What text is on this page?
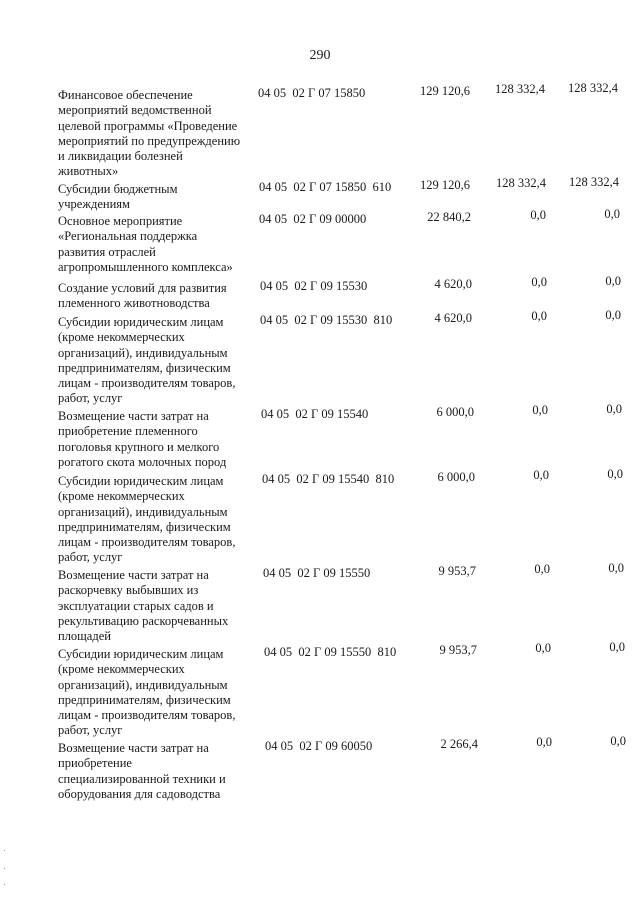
290
Финансовое обеспечение
мероприятий ведомственной
целевой программы «Проведение
мероприятий по предупреждению
и ликвидации болезней
животных»
04 05  02 Г 07 15850	129 120,6	128 332,4	128 332,4
Субсидии бюджетным
учреждениям
04 05  02 Г 07 15850  610	129 120,6	128 332,4	128 332,4
Основное мероприятие
«Региональная поддержка
развития отраслей
агропромышленного комплекса»
04 05  02 Г 09 00000	22 840,2	0,0	0,0
Создание условий для развития
племенного животноводства
04 05  02 Г 09 15530	4 620,0	0,0	0,0
Субсидии юридическим лицам
(кроме некоммерческих
организаций), индивидуальным
предпринимателям, физическим
лицам - производителям товаров,
работ, услуг
04 05  02 Г 09 15530  810	4 620,0	0,0	0,0
Возмещение части затрат на
приобретение племенного
поголовья крупного и мелкого
рогатого скота молочных пород
04 05  02 Г 09 15540	6 000,0	0,0	0,0
Субсидии юридическим лицам
(кроме некоммерческих
организаций), индивидуальным
предпринимателям, физическим
лицам - производителям товаров,
работ, услуг
04 05  02 Г 09 15540  810	6 000,0	0,0	0,0
Возмещение части затрат на
раскорчевку выбывших из
эксплуатации старых садов и
рекультивацию раскорчеванных
площадей
04 05  02 Г 09 15550	9 953,7	0,0	0,0
Субсидии юридическим лицам
(кроме некоммерческих
организаций), индивидуальным
предпринимателям, физическим
лицам - производителям товаров,
работ, услуг
04 05  02 Г 09 15550  810	9 953,7	0,0	0,0
Возмещение части затрат на
приобретение
специализированной техники и
оборудования для садоводства
04 05  02 Г 09 60050	2 266,4	0,0	0,0
